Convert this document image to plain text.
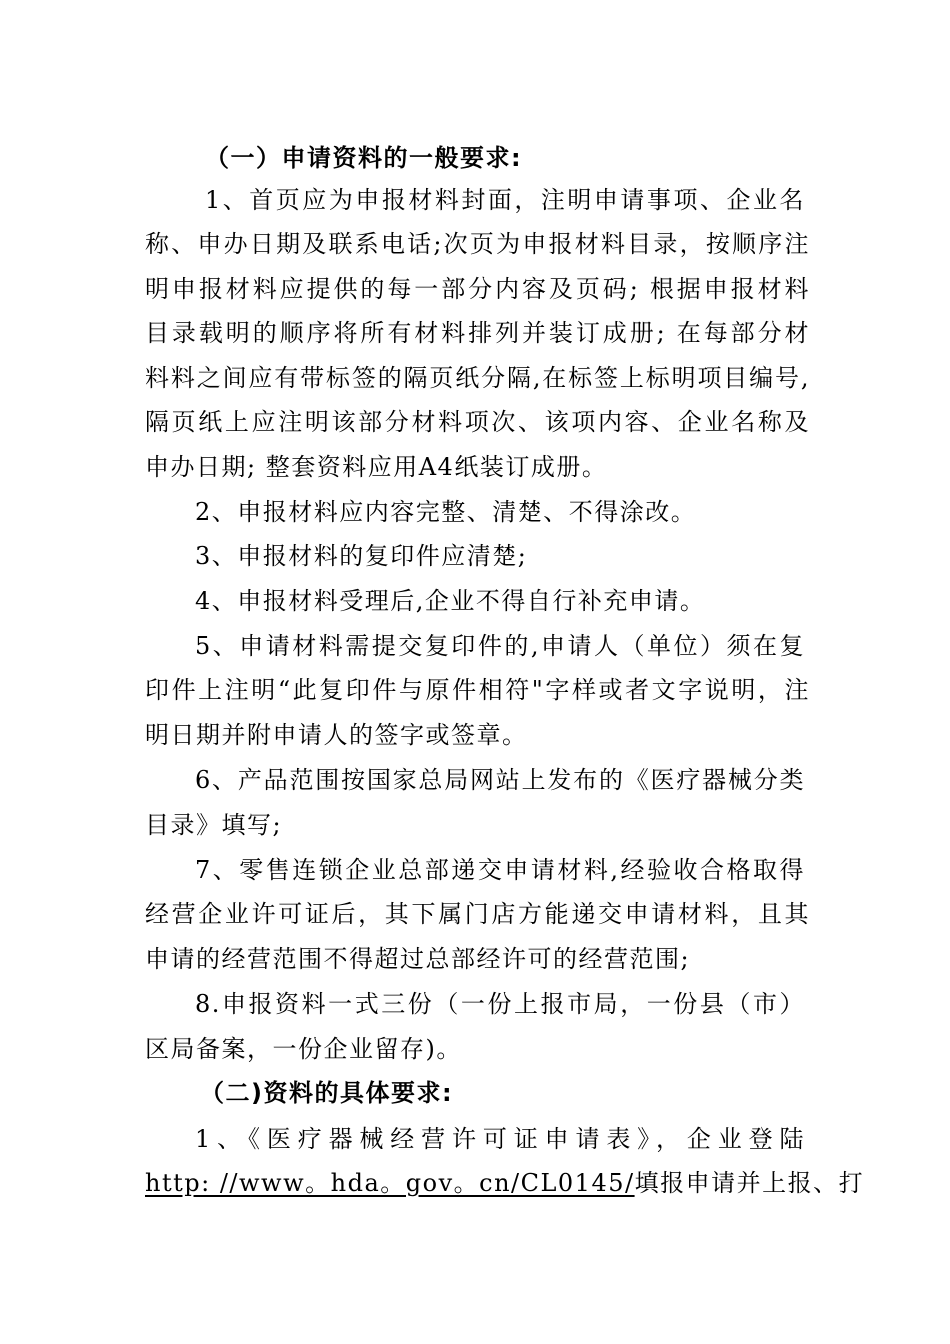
（一）申请资料的一般要求:
1、首页应为申报材料封面，注明申请事项、企业名
称、申办日期及联系电话;次页为申报材料目录，按顺序注
明申报材料应提供的每一部分内容及页码; 根据申报材料
目录载明的顺序将所有材料排列并装订成册; 在每部分材
料料之间应有带标签的隔页纸分隔,在标签上标明项目编号,
隔页纸上应注明该部分材料项次、该项内容、企业名称及
申办日期; 整套资料应用A4纸装订成册。
2、申报材料应内容完整、清楚、不得涂改。
3、申报材料的复印件应清楚;
4、申报材料受理后,企业不得自行补充申请。
5、申请材料需提交复印件的,申请人（单位）须在复
印件上注明“此复印件与原件相符"字样或者文字说明，注
明日期并附申请人的签字或签章。
6、产品范围按国家总局网站上发布的《医疗器械分类
目录》填写;
7、零售连锁企业总部递交申请材料,经验收合格取得
经营企业许可证后，其下属门店方能递交申请材料，且其
申请的经营范围不得超过总部经许可的经营范围;
8.申报资料一式三份（一份上报市局，一份县（市）
区局备案，一份企业留存)。
（二)资料的具体要求:
1、《医疗器械经营许可证申请表》，企业登陆
http: //www。hda。gov。cn/CL0145/填报申请并上报、打
